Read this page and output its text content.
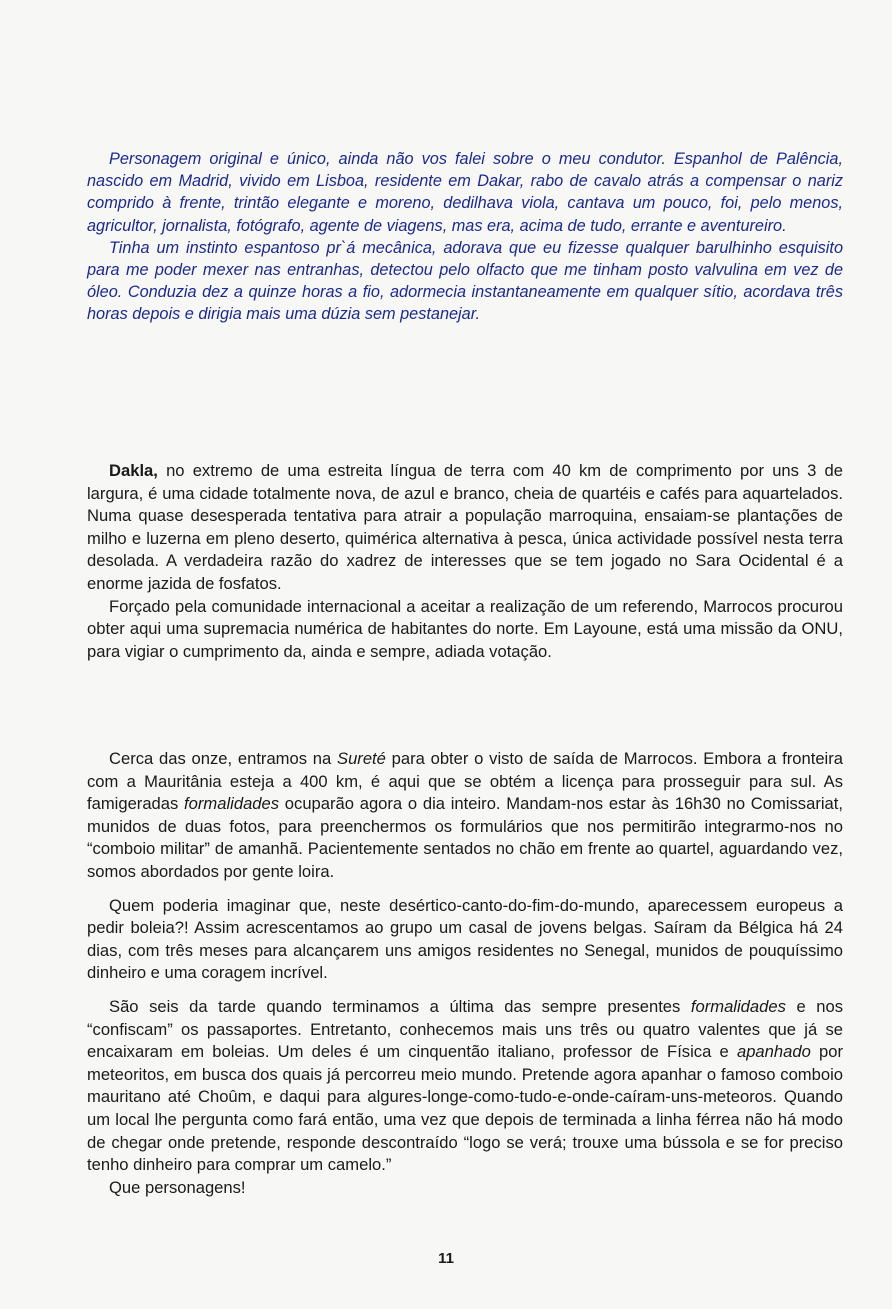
Personagem original e único, ainda não vos falei sobre o meu condutor. Espanhol de Palência, nascido em Madrid, vivido em Lisboa, residente em Dakar, rabo de cavalo atrás a compensar o nariz comprido à frente, trintão elegante e moreno, dedilhava viola, cantava um pouco, foi, pelo menos, agricultor, jornalista, fotógrafo, agente de viagens, mas era, acima de tudo, errante e aventureiro.

Tinha um instinto espantoso pr`á mecânica, adorava que eu fizesse qualquer barulhinho esquisito para me poder mexer nas entranhas, detectou pelo olfacto que me tinham posto valvulina em vez de óleo. Conduzia dez a quinze horas a fio, adormecia instantaneamente em qualquer sítio, acordava três horas depois e dirigia mais uma dúzia sem pestanejar.

Dakla, no extremo de uma estreita língua de terra com 40 km de comprimento por uns 3 de largura, é uma cidade totalmente nova, de azul e branco, cheia de quartéis e cafés para aquartelados. Numa quase desesperada tentativa para atrair a população marroquina, ensaiam-se plantações de milho e luzerna em pleno deserto, quimérica alternativa à pesca, única actividade possível nesta terra desolada. A verdadeira razão do xadrez de interesses que se tem jogado no Sara Ocidental é a enorme jazida de fosfatos.

Forçado pela comunidade internacional a aceitar a realização de um referendo, Marrocos procurou obter aqui uma supremacia numérica de habitantes do norte. Em Layoune, está uma missão da ONU, para vigiar o cumprimento da, ainda e sempre, adiada votação.

Cerca das onze, entramos na Sureté para obter o visto de saída de Marrocos. Embora a fronteira com a Mauritânia esteja a 400 km, é aqui que se obtém a licença para prosseguir para sul. As famigeradas formalidades ocuparão agora o dia inteiro. Mandam-nos estar às 16h30 no Comissariat, munidos de duas fotos, para preenchermos os formulários que nos permitirão integrarmo-nos no “comboio militar” de amanhã. Pacientemente sentados no chão em frente ao quartel, aguardando vez, somos abordados por gente loira.

Quem poderia imaginar que, neste desértico-canto-do-fim-do-mundo, aparecessem europeus a pedir boleia?! Assim acrescentamos ao grupo um casal de jovens belgas. Saíram da Bélgica há 24 dias, com três meses para alcançarem uns amigos residentes no Senegal, munidos de pouquíssimo dinheiro e uma coragem incrível.

São seis da tarde quando terminamos a última das sempre presentes formalidades e nos “confiscam” os passaportes. Entretanto, conhecemos mais uns três ou quatro valentes que já se encaixaram em boleias. Um deles é um cinquentão italiano, professor de Física e apanhado por meteoritos, em busca dos quais já percorreu meio mundo. Pretende agora apanhar o famoso comboio mauritano até Choûm, e daqui para algures-longe-como-tudo-e-onde-caíram-uns-meteoros. Quando um local lhe pergunta como fará então, uma vez que depois de terminada a linha férrea não há modo de chegar onde pretende, responde descontraído “logo se verá; trouxe uma bússola e se for preciso tenho dinheiro para comprar um camelo.”

Que personagens!

11
